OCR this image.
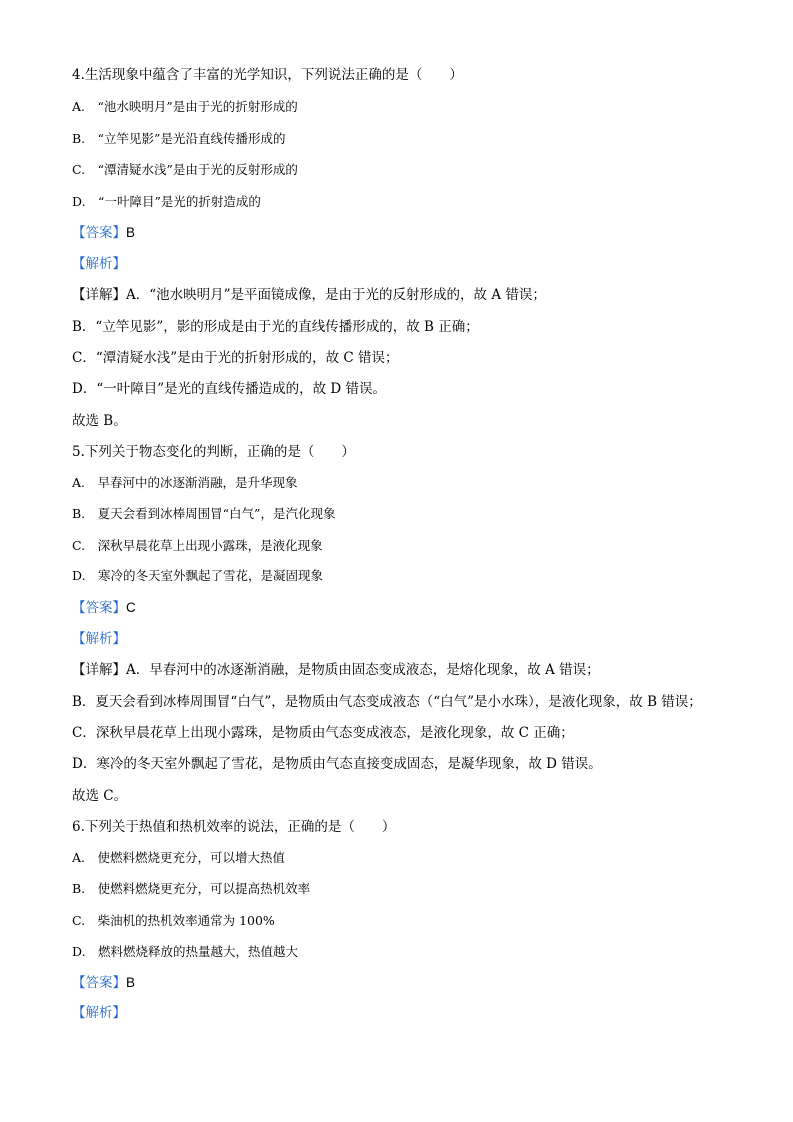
4.生活现象中蕴含了丰富的光学知识，下列说法正确的是（　　）
A.　“池水映明月”是由于光的折射形成的
B.　“立竿见影”是光沿直线传播形成的
C.　“潭清疑水浅”是由于光的反射形成的
D.　“一叶障目”是光的折射造成的
【答案】B
【解析】
【详解】A．“池水映明月”是平面镜成像，是由于光的反射形成的，故 A 错误；
B．“立竿见影”，影的形成是由于光的直线传播形成的，故 B 正确；
C．“潭清疑水浅”是由于光的折射形成的，故 C 错误；
D．“一叶障目”是光的直线传播造成的，故 D 错误。
故选 B。
5.下列关于物态变化的判断，正确的是（　　）
A.　早春河中的冰逐渐消融，是升华现象
B.　夏天会看到冰棒周围冒“白气”，是汽化现象
C.　深秋早晨花草上出现小露珠，是液化现象
D.　寒冷的冬天室外飘起了雪花，是凝固现象
【答案】C
【解析】
【详解】A．早春河中的冰逐渐消融，是物质由固态变成液态，是熔化现象，故 A 错误；
B．夏天会看到冰棒周围冒“白气”，是物质由气态变成液态（“白气”是小水珠），是液化现象，故 B 错误；
C．深秋早晨花草上出现小露珠，是物质由气态变成液态，是液化现象，故 C 正确；
D．寒冷的冬天室外飘起了雪花，是物质由气态直接变成固态，是凝华现象，故 D 错误。
故选 C。
6.下列关于热值和热机效率的说法，正确的是（　　）
A.　使燃料燃烧更充分，可以增大热值
B.　使燃料燃烧更充分，可以提高热机效率
C.　柴油机的热机效率通常为 100%
D.　燃料燃烧释放的热量越大，热值越大
【答案】B
【解析】
